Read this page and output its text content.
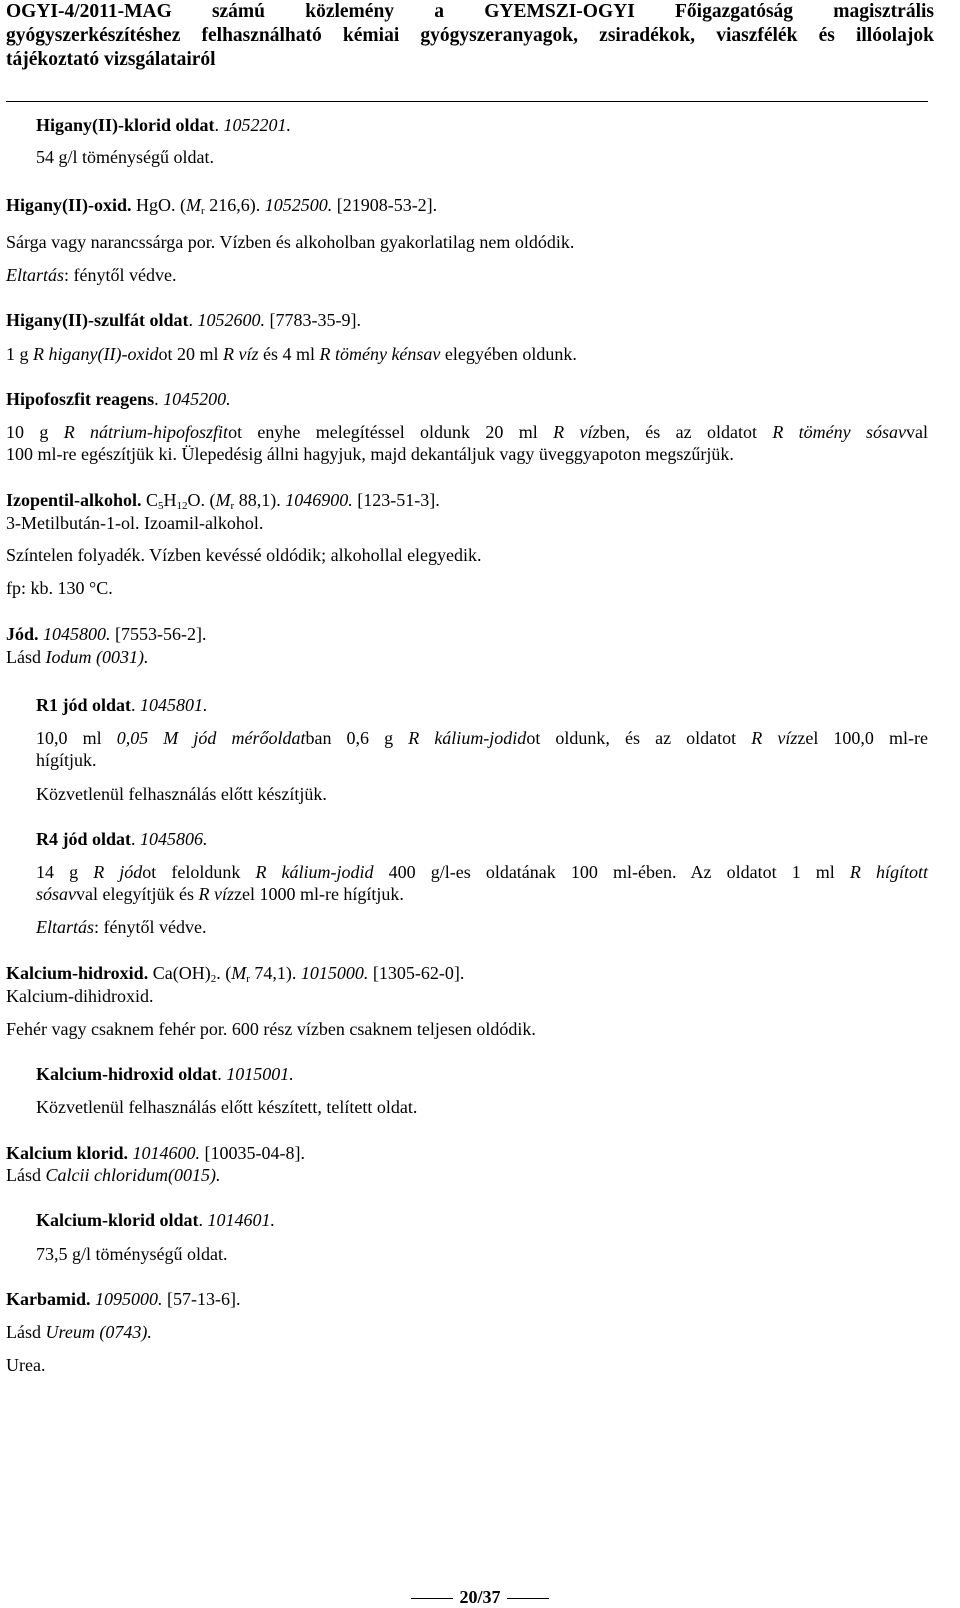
OGYI-4/2011-MAG számú közlemény a GYEMSZI-OGYI Főigazgatóság magisztrális
gyógyszerkészítéshez felhasználható kémiai gyógyszeranyagok, zsiradékok, viaszfélék és illóolajok
tájékoztató vizsgálatairól
Higany(II)-klorid oldat. 1052201.
54 g/l töménységű oldat.
Higany(II)-oxid. HgO. ($M_r$ 216,6). 1052500. [21908-53-2].
Sárga vagy narancssárga por. Vízben és alkoholban gyakorlatilag nem oldódik.
Eltartás: fénytől védve.
Higany(II)-szulfát oldat. 1052600. [7783-35-9].
1 g R higany(II)-oxidot 20 ml R víz és 4 ml R tömény kénsav elegyében oldunk.
Hipofoszfit reagens. 1045200.
10 g R nátrium-hipofoszfitot enyhe melegítéssel oldunk 20 ml R vízben, és az oldatot R tömény sósavval
100 ml-re egészítjük ki. Ülepedésig állni hagyjuk, majd dekantáljuk vagy üveggyapoton megszűrjük.
Izopentil-alkohol. $C_5H_{12}O$. ($M_r$ 88,1). 1046900. [123-51-3].
3-Metilbután-1-ol. Izoamil-alkohol.
Színtelen folyadék. Vízben kevéssé oldódik; alkohollal elegyedik.
fp: kb. 130 °C.
Jód. 1045800. [7553-56-2].
Lásd Iodum (0031).
R1 jód oldat. 1045801.
10,0 ml 0,05 M jód mérőoldatban 0,6 g R kálium-jodidot oldunk, és az oldatot R vízzel 100,0 ml-re
hígítjuk.
Közvetlenül felhasználás előtt készítjük.
R4 jód oldat. 1045806.
14 g R jódot feloldunk R kálium-jodid 400 g/l-es oldatának 100 ml-ében. Az oldatot 1 ml R hígított
sósavval elegyítjük és R vízzel 1000 ml-re hígítjuk.
Eltartás: fénytől védve.
Kalcium-hidroxid. $Ca(OH)_2$. ($M_r$ 74,1). 1015000. [1305-62-0].
Kalcium-dihidroxid.
Fehér vagy csaknem fehér por. 600 rész vízben csaknem teljesen oldódik.
Kalcium-hidroxid oldat. 1015001.
Közvetlenül felhasználás előtt készített, telített oldat.
Kalcium klorid. 1014600. [10035-04-8].
Lásd Calcii chloridum(0015).
Kalcium-klorid oldat. 1014601.
73,5 g/l töménységű oldat.
Karbamid. 1095000. [57-13-6].
Lásd Ureum (0743).
Urea.
20/37
